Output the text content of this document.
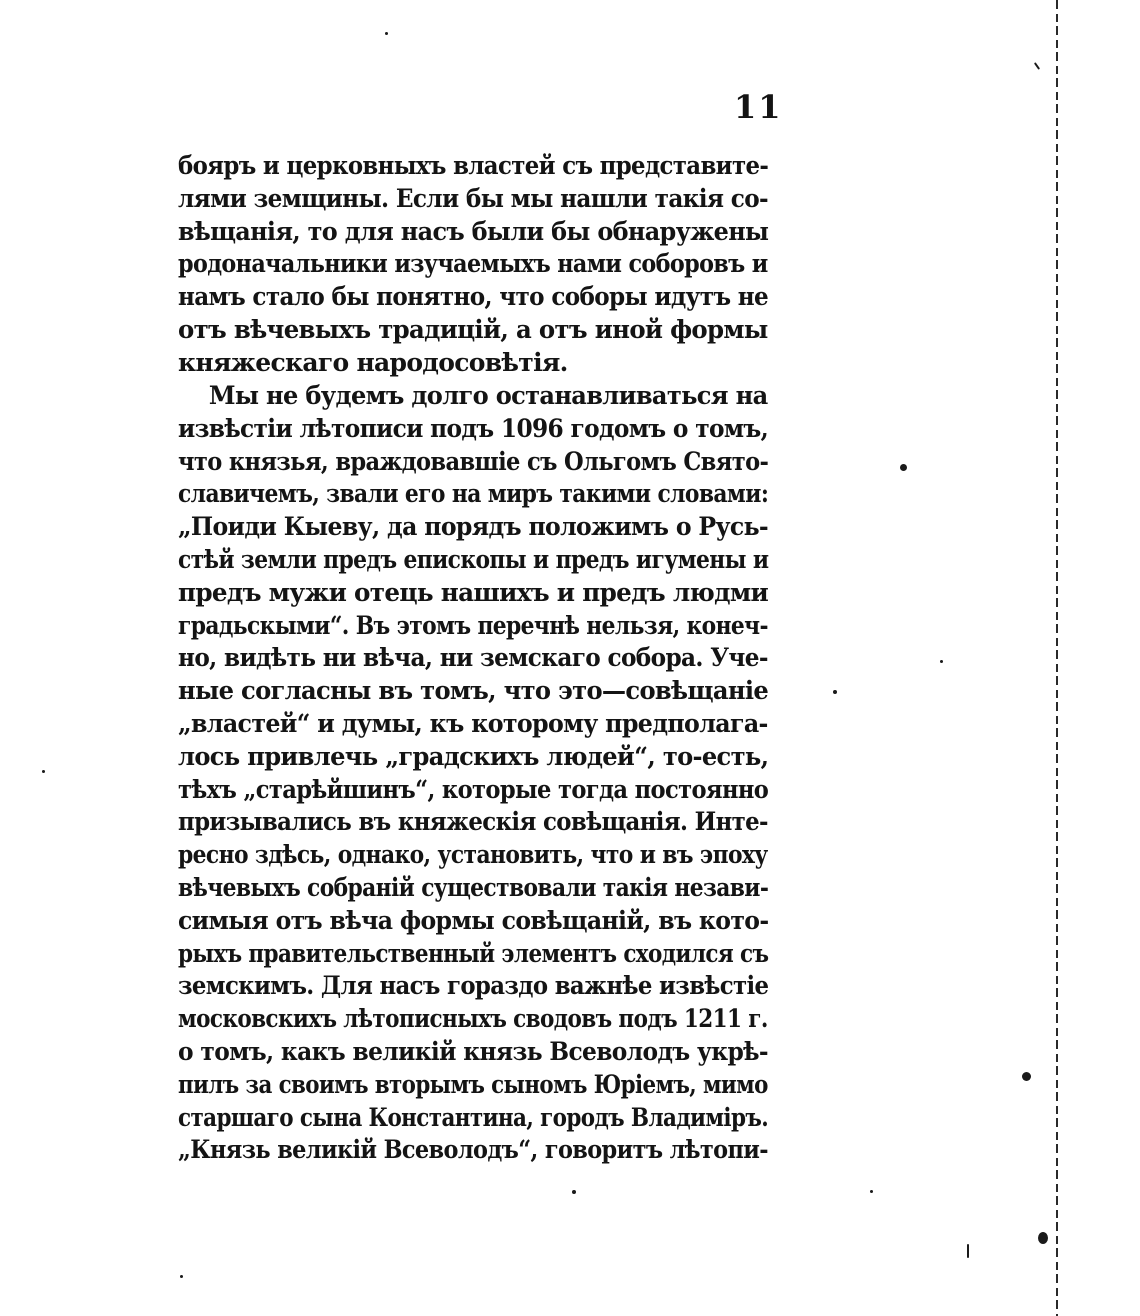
11
бояръ и церковныхъ властей съ представите-
лями земщины. Если бы мы нашли такія со-
вѣщанія, то для насъ были бы обнаружены
родоначальники изучаемыхъ нами соборовъ и
намъ стало бы понятно, что соборы идутъ не
отъ вѣчевыхъ традицій, а отъ иной формы
княжескаго народосовѣтія.
Мы не будемъ долго останавливаться на
извѣстіи лѣтописи подъ 1096 годомъ о томъ,
что князья, враждовавшіе съ Ольгомъ Свято-
славичемъ, звали его на миръ такими словами:
„Поиди Кыеву, да порядъ положимъ о Русь-
стѣй земли предъ епископы и предъ игумены и
предъ мужи отець нашихъ и предъ людми
градьскыми“. Въ этомъ перечнѣ нельзя, конеч-
но, видѣть ни вѣча, ни земскаго собора. Уче-
ные согласны въ томъ, что это—совѣщаніе
„властей“ и думы, къ которому предполага-
лось привлечь „градскихъ людей“, то-есть,
тѣхъ „старѣйшинъ“, которые тогда постоянно
призывались въ княжескія совѣщанія. Инте-
ресно здѣсь, однако, установить, что и въ эпоху
вѣчевыхъ собраній существовали такія незави-
симыя отъ вѣча формы совѣщаній, въ кото-
рыхъ правительственный элементъ сходился съ
земскимъ. Для насъ гораздо важнѣе извѣстіе
московскихъ лѣтописныхъ сводовъ подъ 1211 г.
о томъ, какъ великій князь Всеволодъ укрѣ-
пилъ за своимъ вторымъ сыномъ Юріемъ, мимо
старшаго сына Константина, городъ Владиміръ.
„Князь великій Всеволодъ“, говоритъ лѣтопи-
